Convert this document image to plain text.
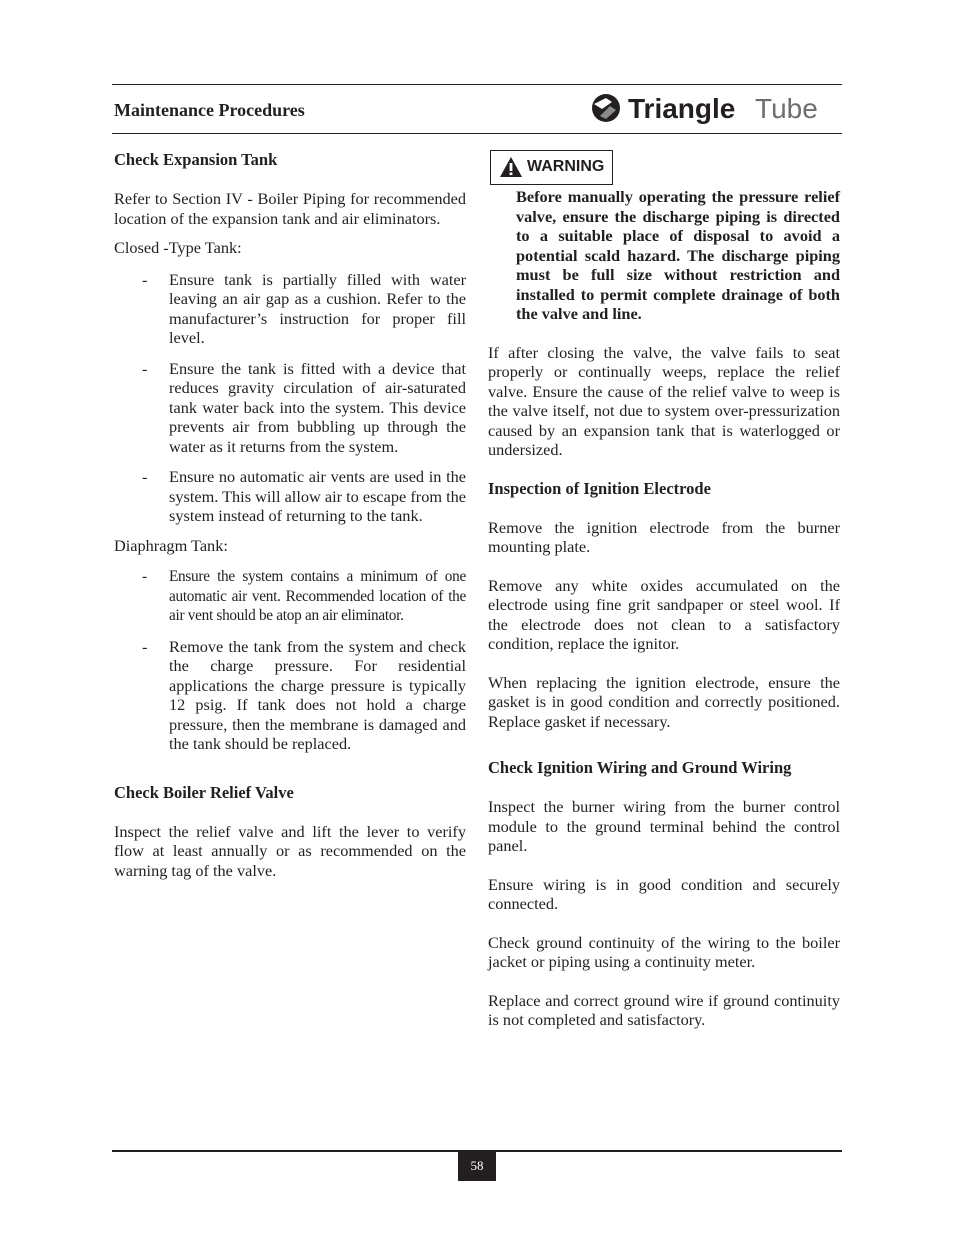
Maintenance Procedures	Triangle Tube
Check Expansion Tank

Refer to Section IV - Boiler Piping for recommended location of the expansion tank and air eliminators.

Closed -Type Tank:

- Ensure tank is partially filled with water leaving an air gap as a cushion. Refer to the manufacturer’s instruction for proper fill level.
- Ensure the tank is fitted with a device that reduces gravity circulation of air-saturated tank water back into the system. This device prevents air from bubbling up through the water as it returns from the system.
- Ensure no automatic air vents are used in the system. This will allow air to escape from the system instead of returning to the tank.

Diaphragm Tank:

- Ensure the system contains a minimum of one automatic air vent. Recommended location of the air vent should be atop an air eliminator.
- Remove the tank from the system and check the charge pressure. For residential applications the charge pressure is typically 12 psig. If tank does not hold a charge pressure, then the membrane is damaged and the tank should be replaced.
Check Boiler Relief Valve

Inspect the relief valve and lift the lever to verify flow at least annually or as recommended on the warning tag of the valve.

WARNING

Before manually operating the pressure relief valve, ensure the discharge piping is directed to a suitable place of disposal to avoid a potential scald hazard. The discharge piping must be full size without restriction and installed to permit complete drainage of both the valve and line.

If after closing the valve, the valve fails to seat properly or continually weeps, replace the relief valve. Ensure the cause of the relief valve to weep is the valve itself, not due to system over-pressurization caused by an expansion tank that is waterlogged or undersized.

Inspection of Ignition Electrode

Remove the ignition electrode from the burner mounting plate.

Remove any white oxides accumulated on the electrode using fine grit sandpaper or steel wool. If the electrode does not clean to a satisfactory condition, replace the ignitor.

When replacing the ignition electrode, ensure the gasket is in good condition and correctly positioned. Replace gasket if necessary.

Check Ignition Wiring and Ground Wiring

Inspect the burner wiring from the burner control module to the ground terminal behind the control panel.

Ensure wiring is in good condition and securely connected.

Check ground continuity of the wiring to the boiler jacket or piping using a continuity meter.

Replace and correct ground wire if ground continuity is not completed and satisfactory.

58
